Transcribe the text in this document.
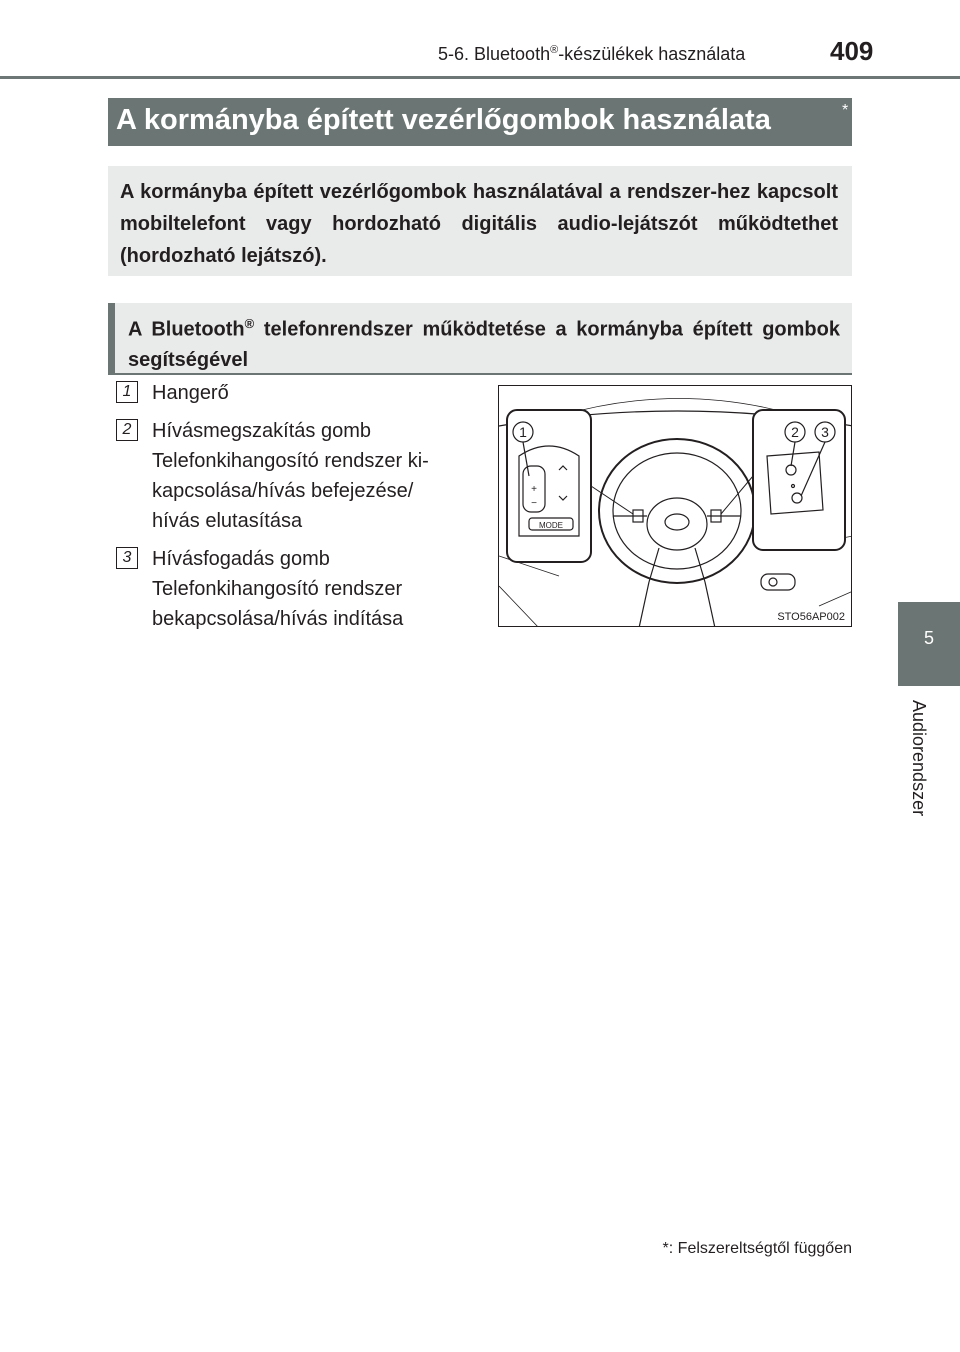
5-6. Bluetooth®-készülékek használata	409
A kormányba épített vezérlőgombok használata	*
A kormányba épített vezérlőgombok használatával a rendszer-hez kapcsolt mobiltelefont vagy hordozható digitális audio-lejátszót működtethet (hordozható lejátszó).
A Bluetooth® telefonrendszer működtetése a kormányba épített gombok segítségével
1	Hangerő
2	Hívásmegszakítás gomb
Telefonkihangosító rendszer ki-
kapcsolása/hívás befejezése/
hívás elutasítása
3	Hívásfogadás gomb
Telefonkihangosító rendszer
bekapcsolása/hívás indítása
+
−
1	2 3
MODE
STO56AP002
5
Audiorendszer
*: Felszereltségtől függően
